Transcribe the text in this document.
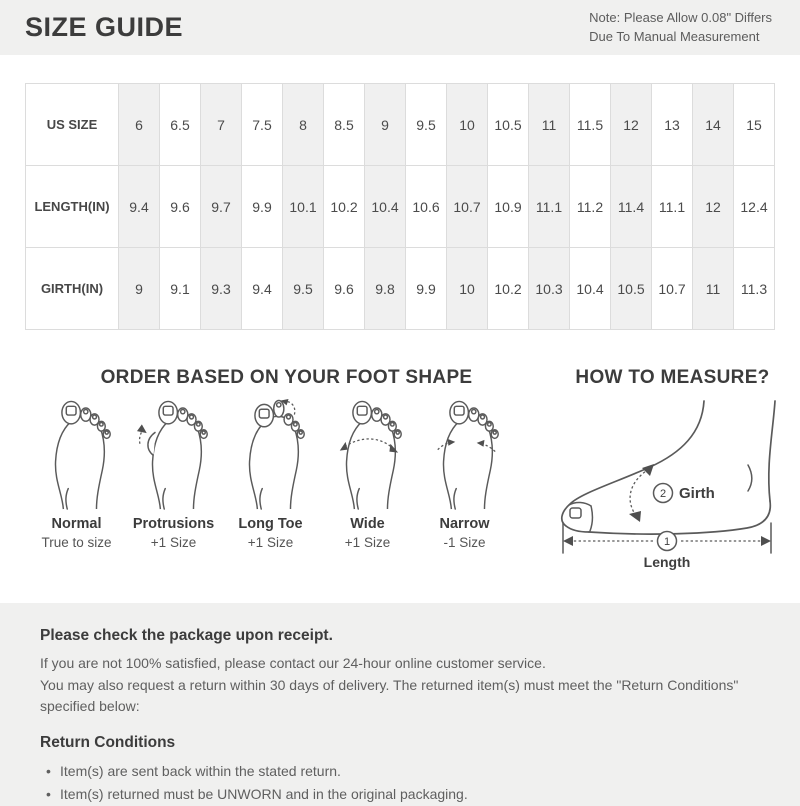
SIZE GUIDE	Note: Please Allow 0.08" Differs
Due To Manual Measurement
US SIZE	6	6.5	7	7.5	8	8.5	9	9.5	10	10.5	11	11.5	12	13	14	15
LENGTH(IN)	9.4	9.6	9.7	9.9	10.1	10.2	10.4	10.6	10.7	10.9	11.1	11.2	11.4	11.1	12	12.4
GIRTH(IN)	9	9.1	9.3	9.4	9.5	9.6	9.8	9.9	10	10.2	10.3	10.4	10.5	10.7	11	11.3
ORDER BASED ON YOUR FOOT SHAPE
Normal
True to size
Protrusions
+1 Size
Long Toe
+1 Size
Wide
+1 Size
Narrow
-1 Size
HOW TO MEASURE?
2 Girth
1
Length
Please check the package upon receipt.

If you are not 100% satisfied, please contact our 24-hour online customer service.

You may also request a return within 30 days of delivery. The returned item(s) must meet the "Return Conditions" specified below:

Return Conditions
• Item(s) are sent back within the stated return.
• Item(s) returned must be UNWORN and in the original packaging.
